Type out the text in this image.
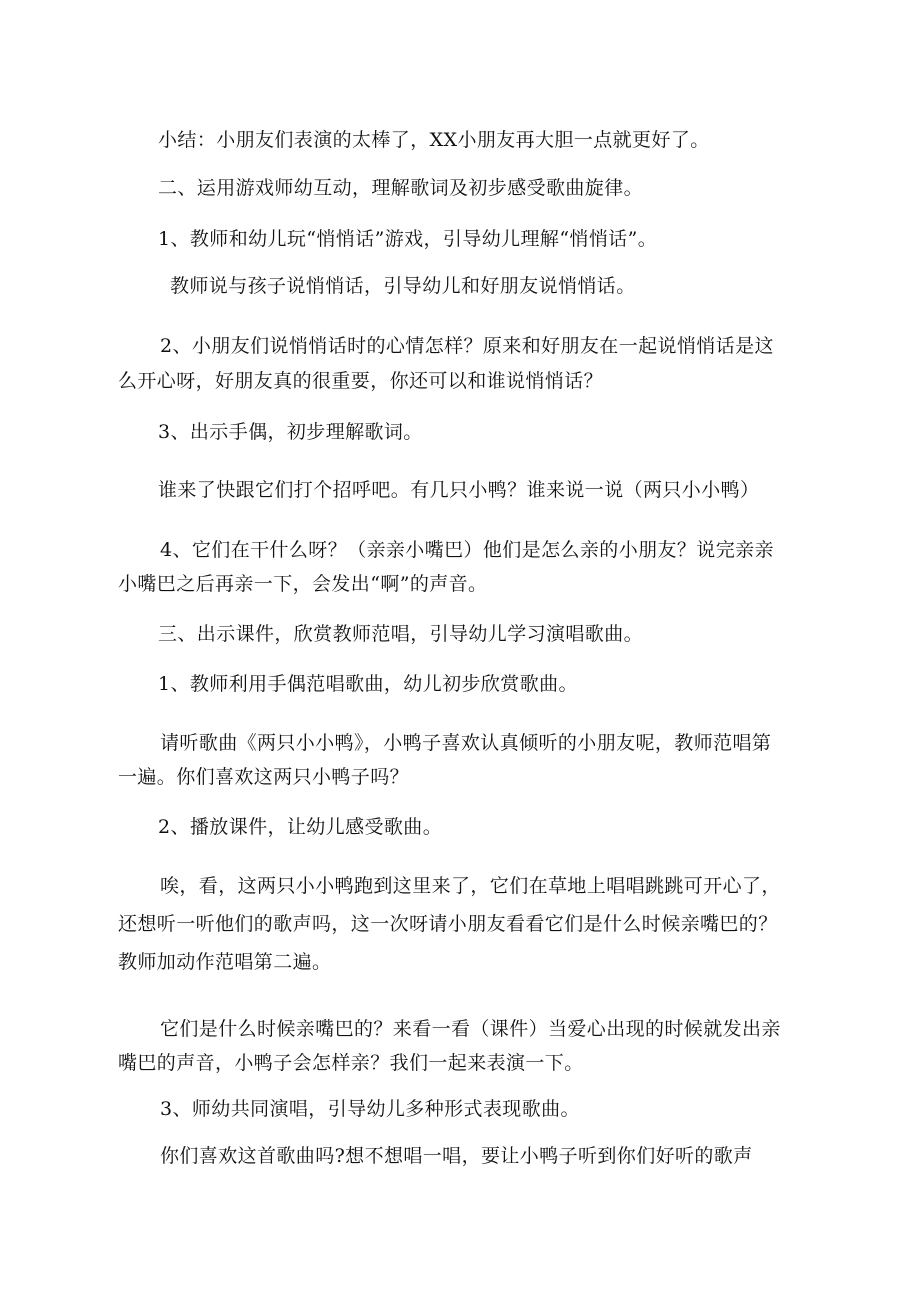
小结：小朋友们表演的太棒了，XX小朋友再大胆一点就更好了。

二、运用游戏师幼互动，理解歌词及初步感受歌曲旋律。

1、教师和幼儿玩“悄悄话”游戏，引导幼儿理解“悄悄话”。

教师说与孩子说悄悄话，引导幼儿和好朋友说悄悄话。

2、小朋友们说悄悄话时的心情怎样？原来和好朋友在一起说悄悄话是这

么开心呀，好朋友真的很重要，你还可以和谁说悄悄话？

3、出示手偶，初步理解歌词。

谁来了快跟它们打个招呼吧。有几只小鸭？谁来说一说（两只小小鸭）

4、它们在干什么呀？（亲亲小嘴巴）他们是怎么亲的小朋友？说完亲亲

小嘴巴之后再亲一下，会发出“啊”的声音。

三、出示课件，欣赏教师范唱，引导幼儿学习演唱歌曲。

1、教师利用手偶范唱歌曲，幼儿初步欣赏歌曲。

请听歌曲《两只小小鸭》，小鸭子喜欢认真倾听的小朋友呢，教师范唱第

一遍。你们喜欢这两只小鸭子吗？

2、播放课件，让幼儿感受歌曲。

唉，看，这两只小小鸭跑到这里来了，它们在草地上唱唱跳跳可开心了，

还想听一听他们的歌声吗，这一次呀请小朋友看看它们是什么时候亲嘴巴的？

教师加动作范唱第二遍。

它们是什么时候亲嘴巴的？来看一看（课件）当爱心出现的时候就发出亲

嘴巴的声音，小鸭子会怎样亲？我们一起来表演一下。

3、师幼共同演唱，引导幼儿多种形式表现歌曲。

你们喜欢这首歌曲吗?想不想唱一唱，要让小鸭子听到你们好听的歌声
